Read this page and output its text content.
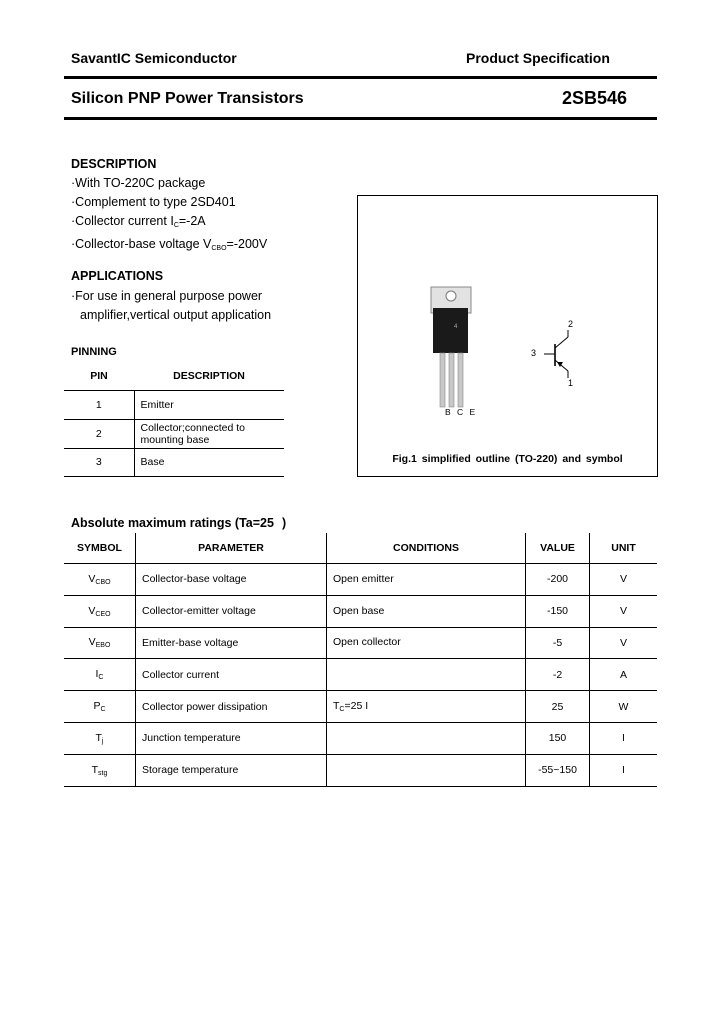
SavantIC Semiconductor	Product Specification
Silicon PNP Power Transistors	2SB546
DESCRIPTION
·With TO-220C package
·Complement to type 2SD401
·Collector current $I_C=-2A$
·Collector-base voltage $V_{CBO}=-200V$
APPLICATIONS
·For use in general purpose power
amplifier,vertical output application
PINNING
PIN	DESCRIPTION
1	Emitter
2	Collector;connected to mounting base
3	Base
4
B C E
2
3
1
Fig.1 simplified outline (TO-220) and symbol
Absolute maximum ratings (Ta=25 )
SYMBOL	PARAMETER	CONDITIONS	VALUE	UNIT
$V_{CBO}$	Collector-base voltage	Open emitter	-200	V
$V_{CEO}$	Collector-emitter voltage	Open base	-150	V
$V_{EBO}$	Emitter-base voltage	Open collector	-5	V
$I_C$	Collector current		-2	A
$P_C$	Collector power dissipation	$T_C=25$ I	25	W
$T_j$	Junction temperature		150	I
$T_{stg}$	Storage temperature		-55~150	I
